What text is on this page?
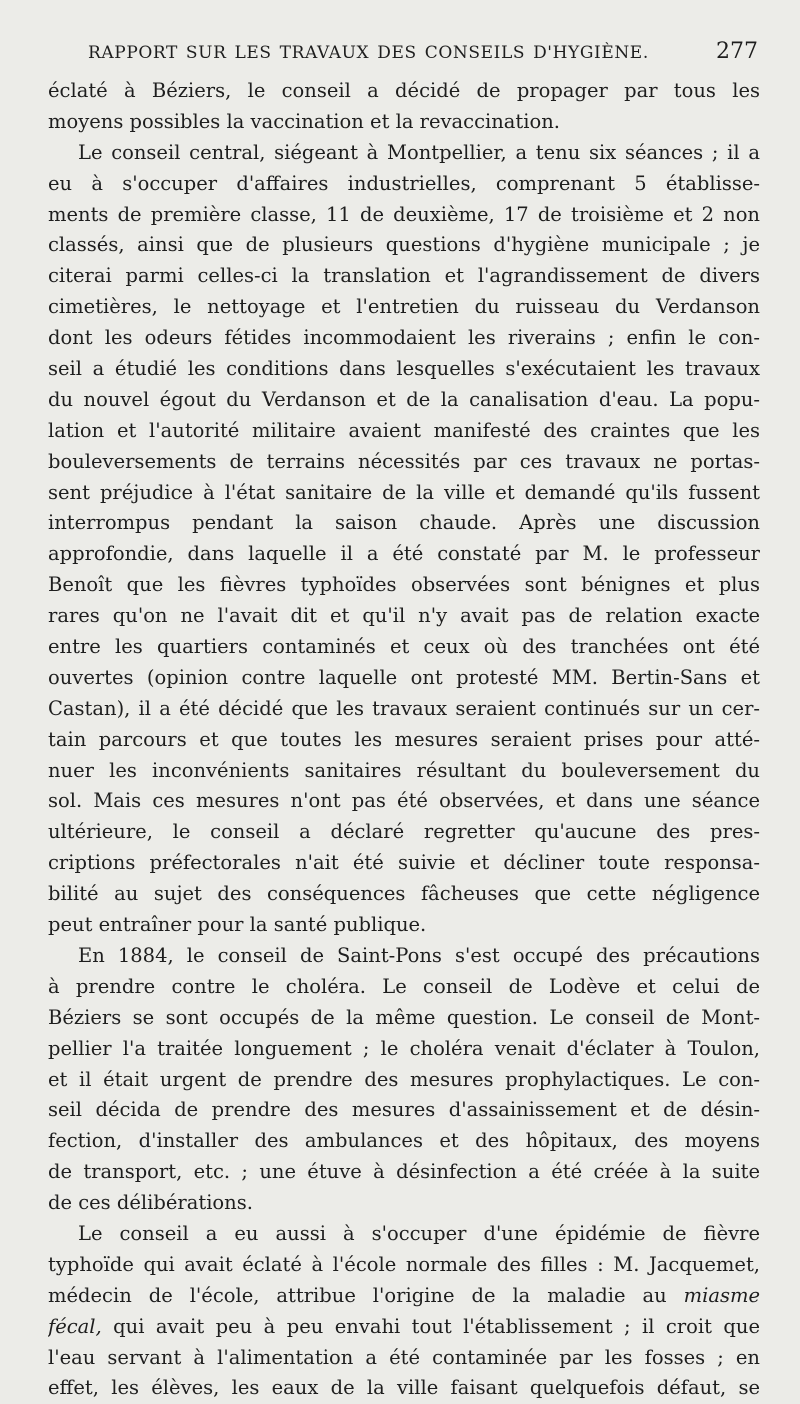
RAPPORT SUR LES TRAVAUX DES CONSEILS D'HYGIÈNE.	277
éclaté à Béziers, le conseil a décidé de propager par tous les
moyens possibles la vaccination et la revaccination.
Le conseil central, siégeant à Montpellier, a tenu six séances ; il a
eu à s'occuper d'affaires industrielles, comprenant 5 établisse-
ments de première classe, 11 de deuxième, 17 de troisième et 2 non
classés, ainsi que de plusieurs questions d'hygiène municipale ; je
citerai parmi celles-ci la translation et l'agrandissement de divers
cimetières, le nettoyage et l'entretien du ruisseau du Verdanson
dont les odeurs fétides incommodaient les riverains ; enfin le con-
seil a étudié les conditions dans lesquelles s'exécutaient les travaux
du nouvel égout du Verdanson et de la canalisation d'eau. La popu-
lation et l'autorité militaire avaient manifesté des craintes que les
bouleversements de terrains nécessités par ces travaux ne portas-
sent préjudice à l'état sanitaire de la ville et demandé qu'ils fussent
interrompus pendant la saison chaude. Après une discussion
approfondie, dans laquelle il a été constaté par M. le professeur
Benoît que les fièvres typhoïdes observées sont bénignes et plus
rares qu'on ne l'avait dit et qu'il n'y avait pas de relation exacte
entre les quartiers contaminés et ceux où des tranchées ont été
ouvertes (opinion contre laquelle ont protesté MM. Bertin-Sans et
Castan), il a été décidé que les travaux seraient continués sur un cer-
tain parcours et que toutes les mesures seraient prises pour atté-
nuer les inconvénients sanitaires résultant du bouleversement du
sol. Mais ces mesures n'ont pas été observées, et dans une séance
ultérieure, le conseil a déclaré regretter qu'aucune des pres-
criptions préfectorales n'ait été suivie et décliner toute responsa-
bilité au sujet des conséquences fâcheuses que cette négligence
peut entraîner pour la santé publique.
En 1884, le conseil de Saint-Pons s'est occupé des précautions
à prendre contre le choléra. Le conseil de Lodève et celui de
Béziers se sont occupés de la même question. Le conseil de Mont-
pellier l'a traitée longuement ; le choléra venait d'éclater à Toulon,
et il était urgent de prendre des mesures prophylactiques. Le con-
seil décida de prendre des mesures d'assainissement et de désin-
fection, d'installer des ambulances et des hôpitaux, des moyens
de transport, etc. ; une étuve à désinfection a été créée à la suite
de ces délibérations.
Le conseil a eu aussi à s'occuper d'une épidémie de fièvre
typhoïde qui avait éclaté à l'école normale des filles : M. Jacquemet,
médecin de l'école, attribue l'origine de la maladie au miasme
fécal, qui avait peu à peu envahi tout l'établissement ; il croit que
l'eau servant à l'alimentation a été contaminée par les fosses ; en
effet, les élèves, les eaux de la ville faisant quelquefois défaut, se
